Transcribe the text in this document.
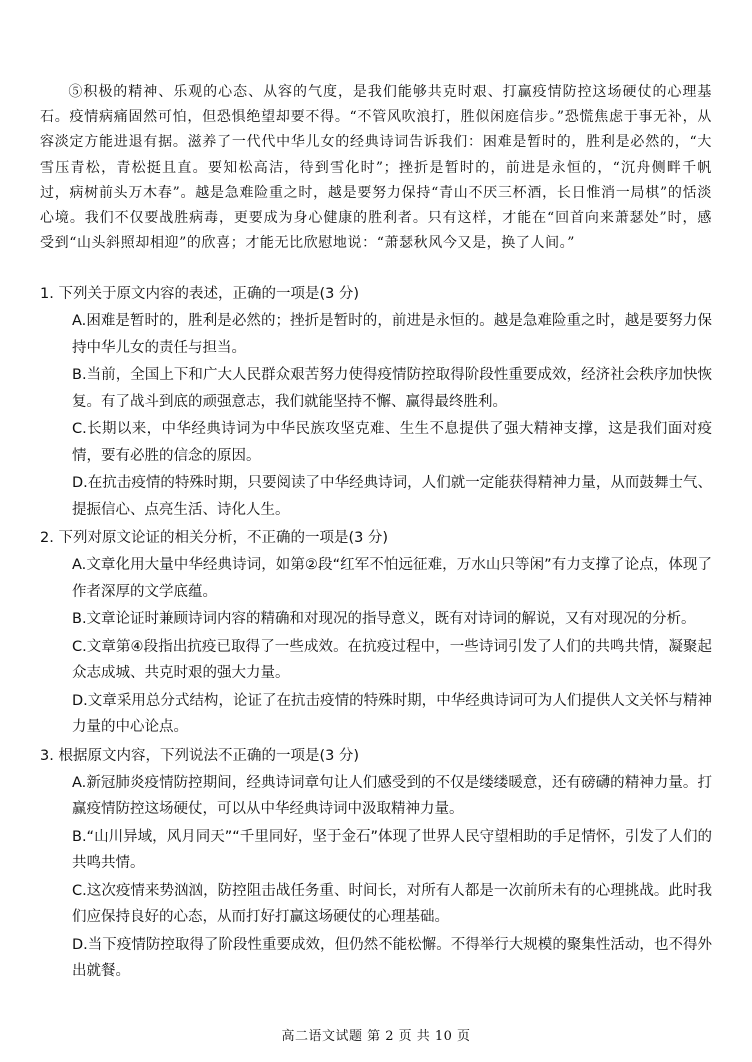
⑤积极的精神、乐观的心态、从容的气度，是我们能够共克时艰、打赢疫情防控这场硬仗的心理基石。疫情病痛固然可怕，但恐惧绝望却要不得。“不管风吹浪打，胜似闲庭信步。”恐慌焦虑于事无补，从容淡定方能进退有据。滋养了一代代中华儿女的经典诗词告诉我们：困难是暂时的，胜利是必然的，“大雪压青松，青松挺且直。要知松高洁，待到雪化时”；挫折是暂时的，前进是永恒的，“沉舟侧畔千帆过，病树前头万木春”。越是急难险重之时，越是要努力保持“青山不厌三杯酒，长日惟消一局棋”的恬淡心境。我们不仅要战胜病毒，更要成为身心健康的胜利者。只有这样，才能在“回首向来萧瑟处”时，感受到“山头斜照却相迎”的欣喜；才能无比欣慰地说：“萧瑟秋风今又是，换了人间。”

1. 下列关于原文内容的表述，正确的一项是(3 分)
A.困难是暂时的，胜利是必然的；挫折是暂时的，前进是永恒的。越是急难险重之时，越是要努力保持中华儿女的责任与担当。
B.当前，全国上下和广大人民群众艰苦努力使得疫情防控取得阶段性重要成效，经济社会秩序加快恢复。有了战斗到底的顽强意志，我们就能坚持不懈、赢得最终胜利。
C.长期以来，中华经典诗词为中华民族攻坚克难、生生不息提供了强大精神支撑，这是我们面对疫情，要有必胜的信念的原因。
D.在抗击疫情的特殊时期，只要阅读了中华经典诗词，人们就一定能获得精神力量，从而鼓舞士气、提振信心、点亮生活、诗化人生。
2. 下列对原文论证的相关分析，不正确的一项是(3 分)
A.文章化用大量中华经典诗词，如第②段“红军不怕远征难，万水山只等闲”有力支撑了论点，体现了作者深厚的文学底蕴。
B.文章论证时兼顾诗词内容的精确和对现况的指导意义，既有对诗词的解说，又有对现况的分析。
C.文章第④段指出抗疫已取得了一些成效。在抗疫过程中，一些诗词引发了人们的共鸣共情，凝聚起众志成城、共克时艰的强大力量。
D.文章采用总分式结构，论证了在抗击疫情的特殊时期，中华经典诗词可为人们提供人文关怀与精神力量的中心论点。
3. 根据原文内容，下列说法不正确的一项是(3 分)
A.新冠肺炎疫情防控期间，经典诗词章句让人们感受到的不仅是缕缕暖意，还有磅礴的精神力量。打赢疫情防控这场硬仗，可以从中华经典诗词中汲取精神力量。
B.“山川异域，风月同天”“千里同好，坚于金石”体现了世界人民守望相助的手足情怀，引发了人们的共鸣共情。
C.这次疫情来势汹汹，防控阻击战任务重、时间长，对所有人都是一次前所未有的心理挑战。此时我们应保持良好的心态，从而打好打赢这场硬仗的心理基础。
D.当下疫情防控取得了阶段性重要成效，但仍然不能松懈。不得举行大规模的聚集性活动，也不得外出就餐。
高二语文试题 第 2 页 共 10 页
